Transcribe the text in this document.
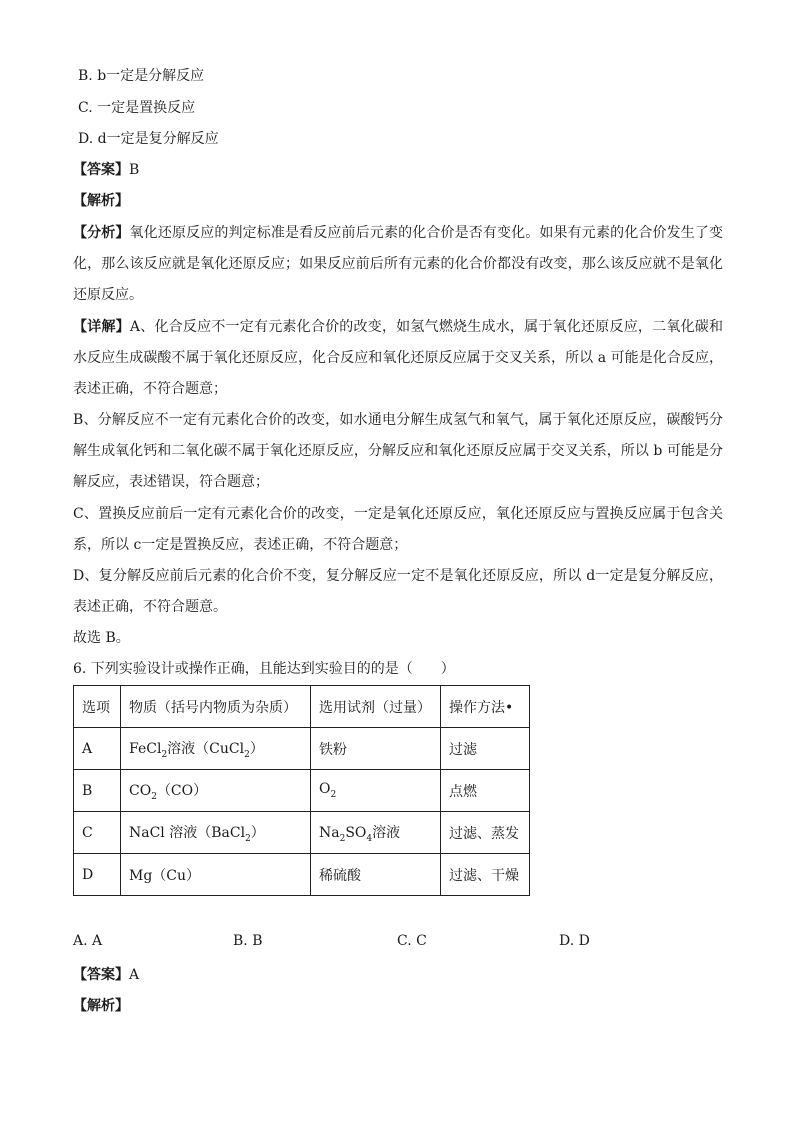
B. b一定是分解反应
C. 一定是置换反应
D. d一定是复分解反应
【答案】B
【解析】
【分析】氧化还原反应的判定标准是看反应前后元素的化合价是否有变化。如果有元素的化合价发生了变化，那么该反应就是氧化还原反应；如果反应前后所有元素的化合价都没有改变，那么该反应就不是氧化还原反应。
【详解】A、化合反应不一定有元素化合价的改变，如氢气燃烧生成水，属于氧化还原反应，二氧化碳和水反应生成碳酸不属于氧化还原反应，化合反应和氧化还原反应属于交叉关系，所以 a 可能是化合反应，表述正确，不符合题意；
B、分解反应不一定有元素化合价的改变，如水通电分解生成氢气和氧气，属于氧化还原反应，碳酸钙分解生成氧化钙和二氧化碳不属于氧化还原反应，分解反应和氧化还原反应属于交叉关系，所以 b 可能是分解反应，表述错误，符合题意；
C、置换反应前后一定有元素化合价的改变，一定是氧化还原反应，氧化还原反应与置换反应属于包含关系，所以 c一定是置换反应，表述正确，不符合题意；
D、复分解反应前后元素的化合价不变，复分解反应一定不是氧化还原反应，所以 d一定是复分解反应，表述正确，不符合题意。
故选 B。
6. 下列实验设计或操作正确，且能达到实验目的的是（　　）
选项	物质（括号内物质为杂质）	选用试剂（过量）	操作方法•
A	FeCl$_2$溶液（CuCl$_2$）	铁粉	过滤
B	$CO_2(CO)$	$O_2$	点燃
C	NaCl 溶液（BaCl$_2$）	$Na_2SO_4$溶液	过滤、蒸发
D	Mg（Cu）	稀硫酸	过滤、干燥
A. A	B. B	C. C	D. D
【答案】A
【解析】
